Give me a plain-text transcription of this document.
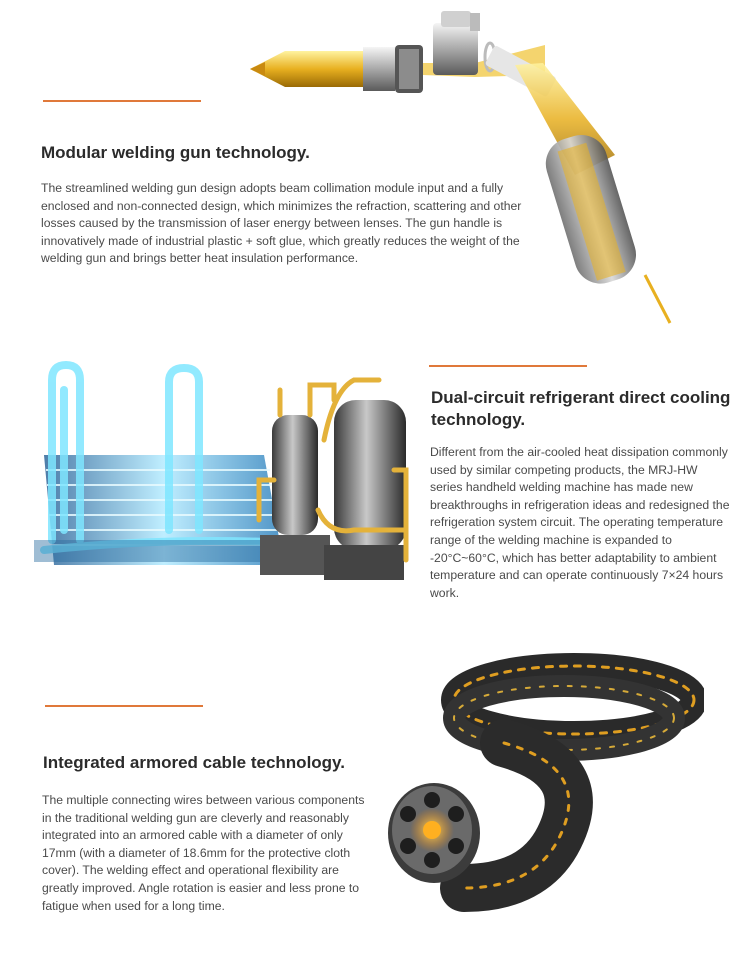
Modular welding gun technology.

The streamlined welding gun design adopts beam collimation module input and a fully enclosed and non-connected design, which minimizes the refraction, scattering and other losses caused by the transmission of laser energy between lenses. The gun handle is innovatively made of industrial plastic + soft glue, which greatly reduces the weight of the welding gun and brings better heat insulation performance.

Dual-circuit refrigerant direct cooling technology.

Different from the air-cooled heat dissipation commonly used by similar competing products, the MRJ-HW series handheld welding machine has made new breakthroughs in refrigeration ideas and redesigned the refrigeration system circuit. The operating temperature range of the welding machine is expanded to -20°C~60°C, which has better adaptability to ambient temperature and can operate continuously 7×24 hours work.

Integrated armored cable technology.

The multiple connecting wires between various components in the traditional welding gun are cleverly and reasonably integrated into an armored cable with a diameter of only 17mm (with a diameter of 18.6mm for the protective cloth cover). The welding effect and operational flexibility are greatly improved. Angle rotation is easier and less prone to fatigue when used for a long time.
